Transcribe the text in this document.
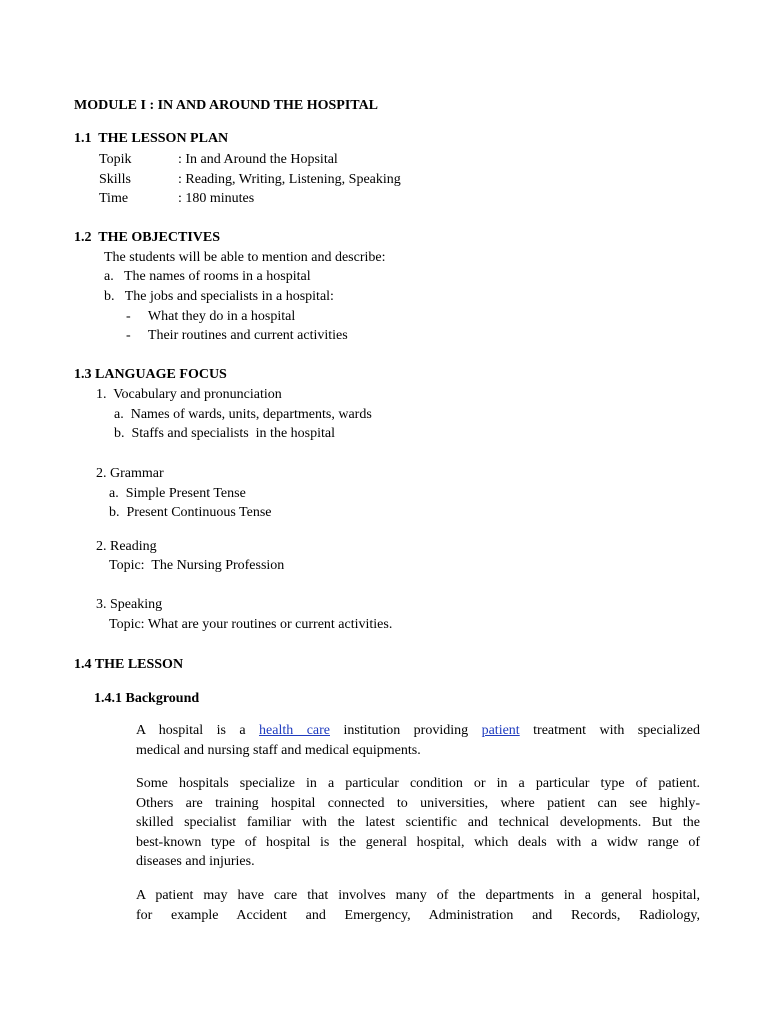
MODULE I : IN AND AROUND THE HOSPITAL
1.1  THE LESSON PLAN
Topik	: In and Around the Hopsital
Skills	: Reading, Writing, Listening, Speaking
Time	: 180 minutes
1.2  THE OBJECTIVES
The students will be able to mention and describe:
a.   The names of rooms in a hospital
b.   The jobs and specialists in a hospital:
-     What they do in a hospital
-     Their routines and current activities
1.3 LANGUAGE FOCUS
1.  Vocabulary and pronunciation
a.  Names of wards, units, departments, wards
b.  Staffs and specialists  in the hospital
2. Grammar
a.  Simple Present Tense
b.  Present Continuous Tense
2. Reading
Topic:  The Nursing Profession
3. Speaking
Topic: What are your routines or current activities.
1.4 THE LESSON
1.4.1 Background
A hospital is a health care institution providing patient treatment with specialized
medical and nursing staff and medical equipments.
Some hospitals specialize in a particular condition or in a particular type of patient.
Others are training hospital connected to universities, where patient can see highly-
skilled specialist familiar with the latest scientific and technical developments. But the
best-known type of hospital is the general hospital, which deals with a widw range of
diseases and injuries.
A patient may have care that involves many of the departments in a general hospital,
for example Accident and Emergency, Administration and Records, Radiology,
